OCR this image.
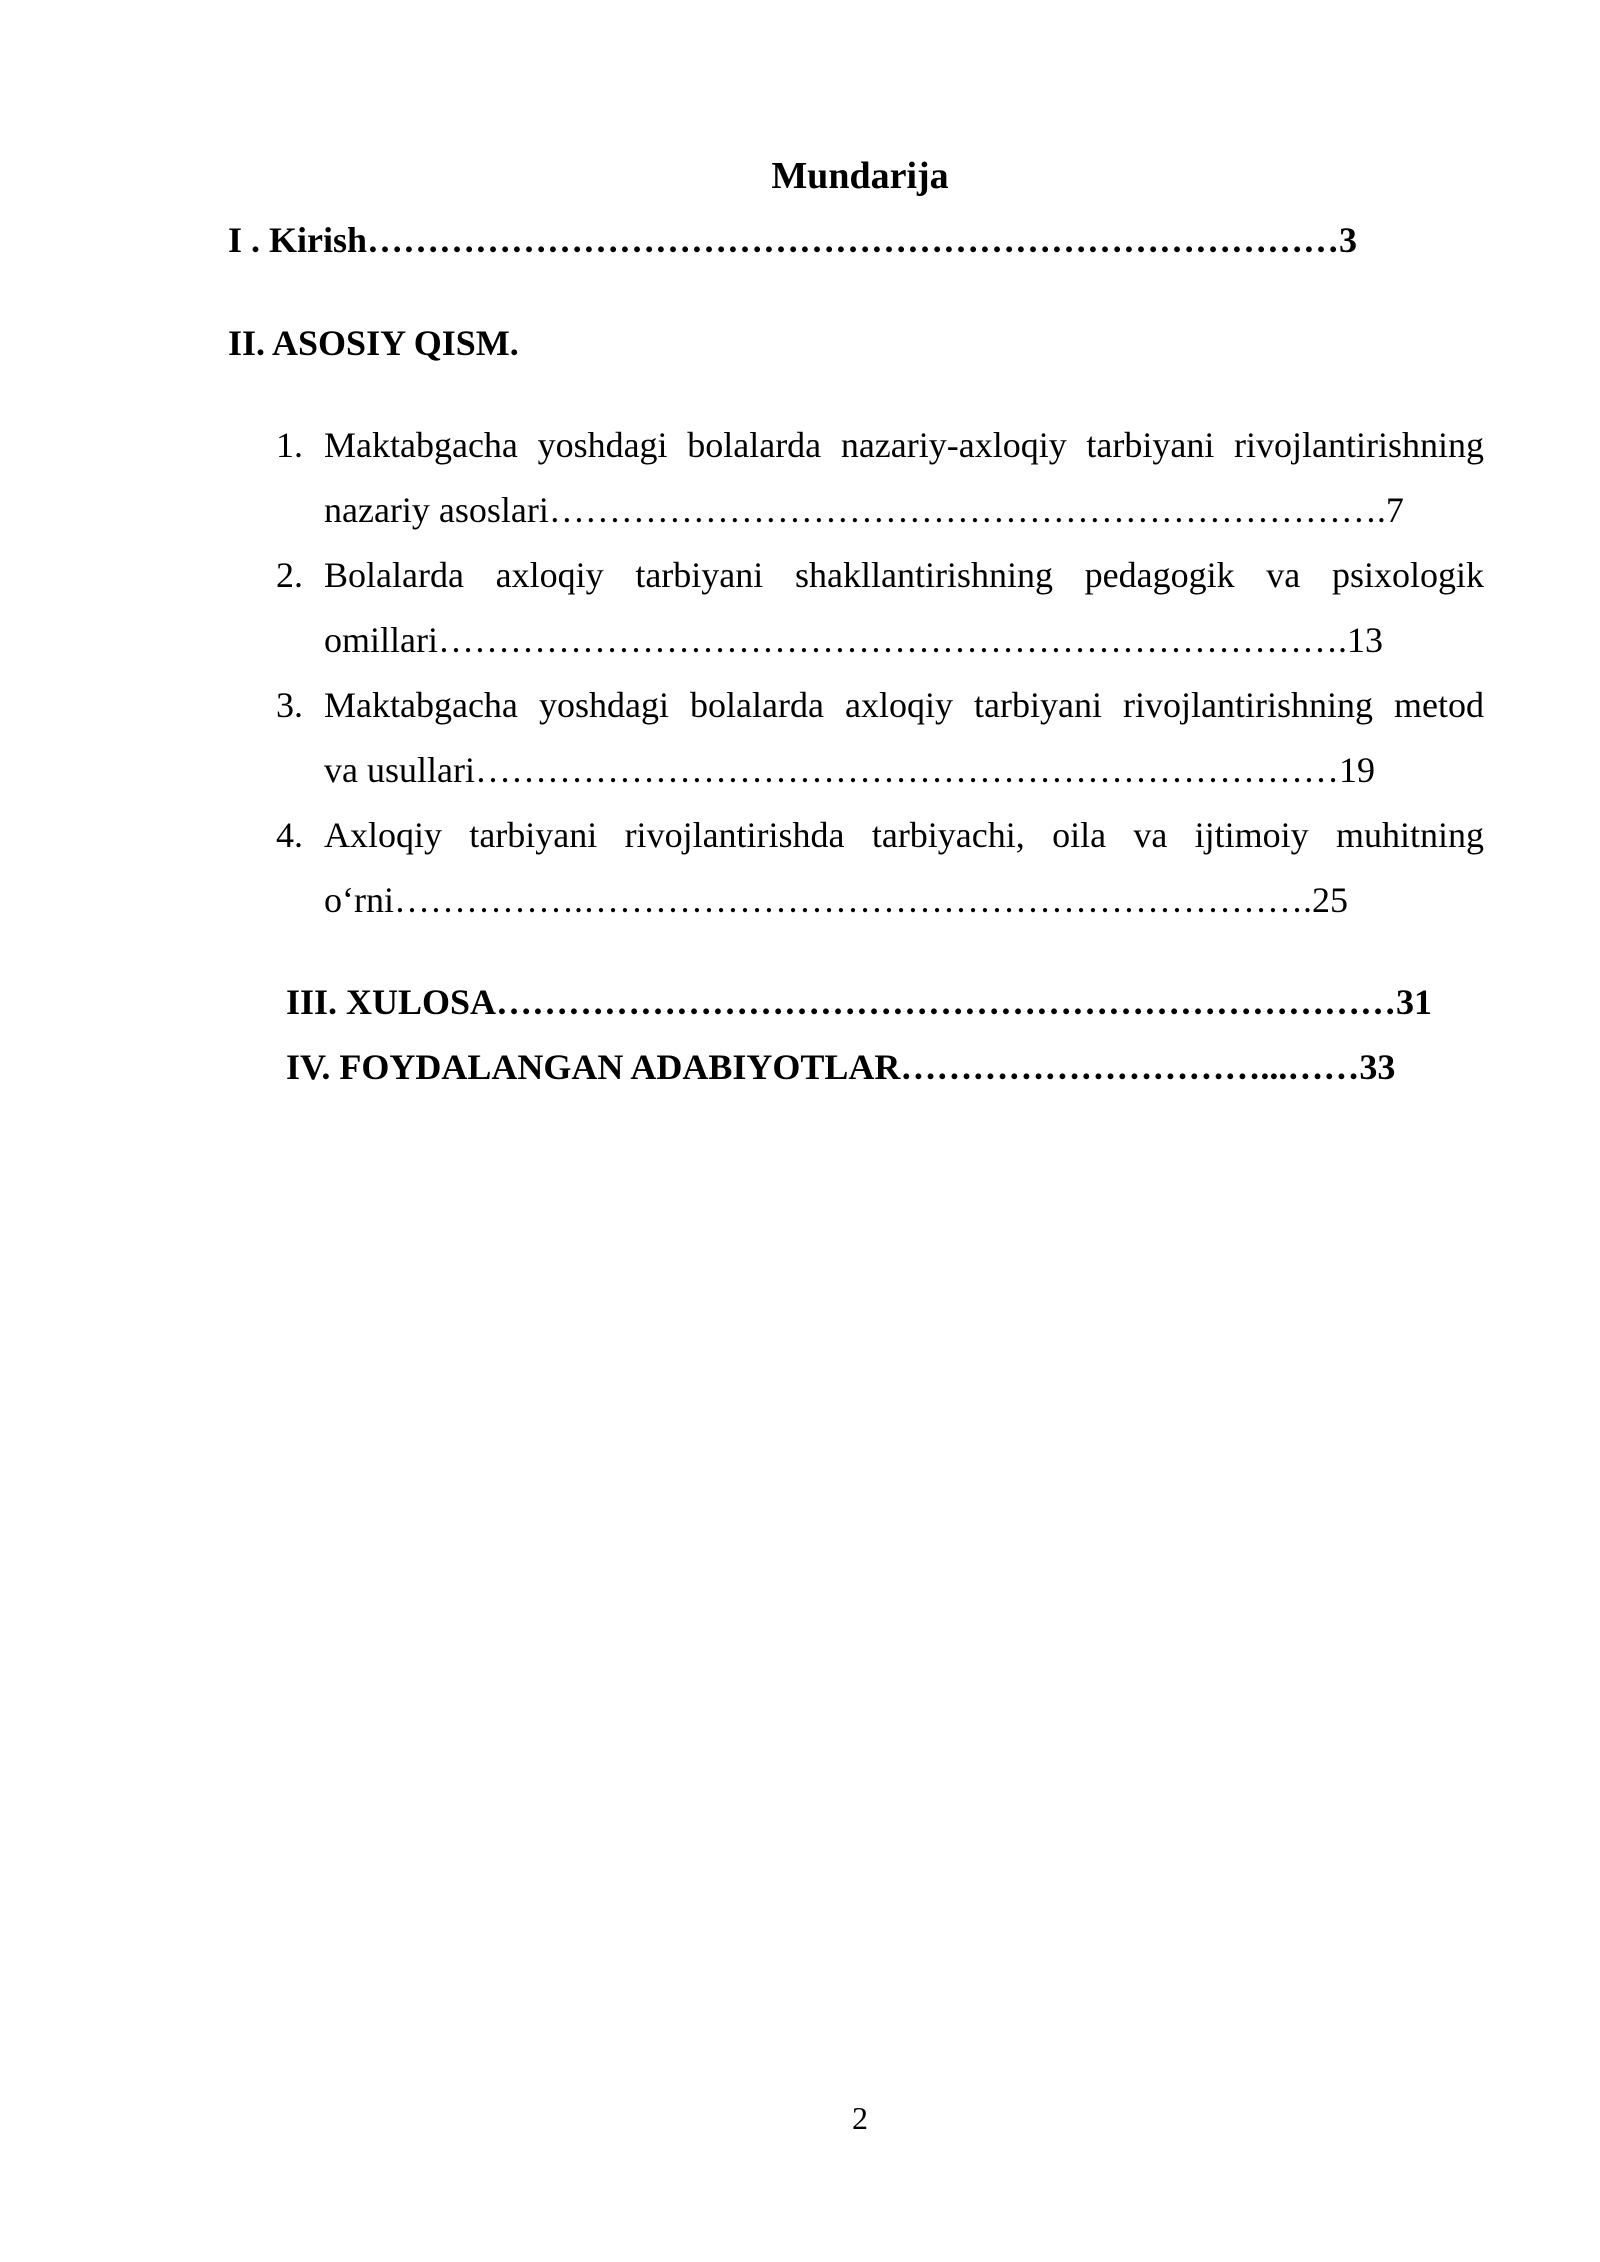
Mundarija
I . Kirish………………………………………………………………………3
II. ASOSIY QISM.
1. Maktabgacha yoshdagi bolalarda nazariy-axloqiy tarbiyani rivojlantirishning
nazariy asoslari…………………………………………………………….7
2. Bolalarda axloqiy tarbiyani shakllantirishning pedagogik va psixologik
omillari………………………………………………………………….13
3. Maktabgacha yoshdagi bolalarda axloqiy tarbiyani rivojlantirishning metod
va usullari………………………………………………………………19
4. Axloqiy tarbiyani rivojlantirishda tarbiyachi, oila va ijtimoiy muhitning
o‘rni…………….…………………………………………………….25
III. XULOSA…………………………………………………………………31
IV. FOYDALANGAN ADABIYOTLAR…………………………...……33
2
